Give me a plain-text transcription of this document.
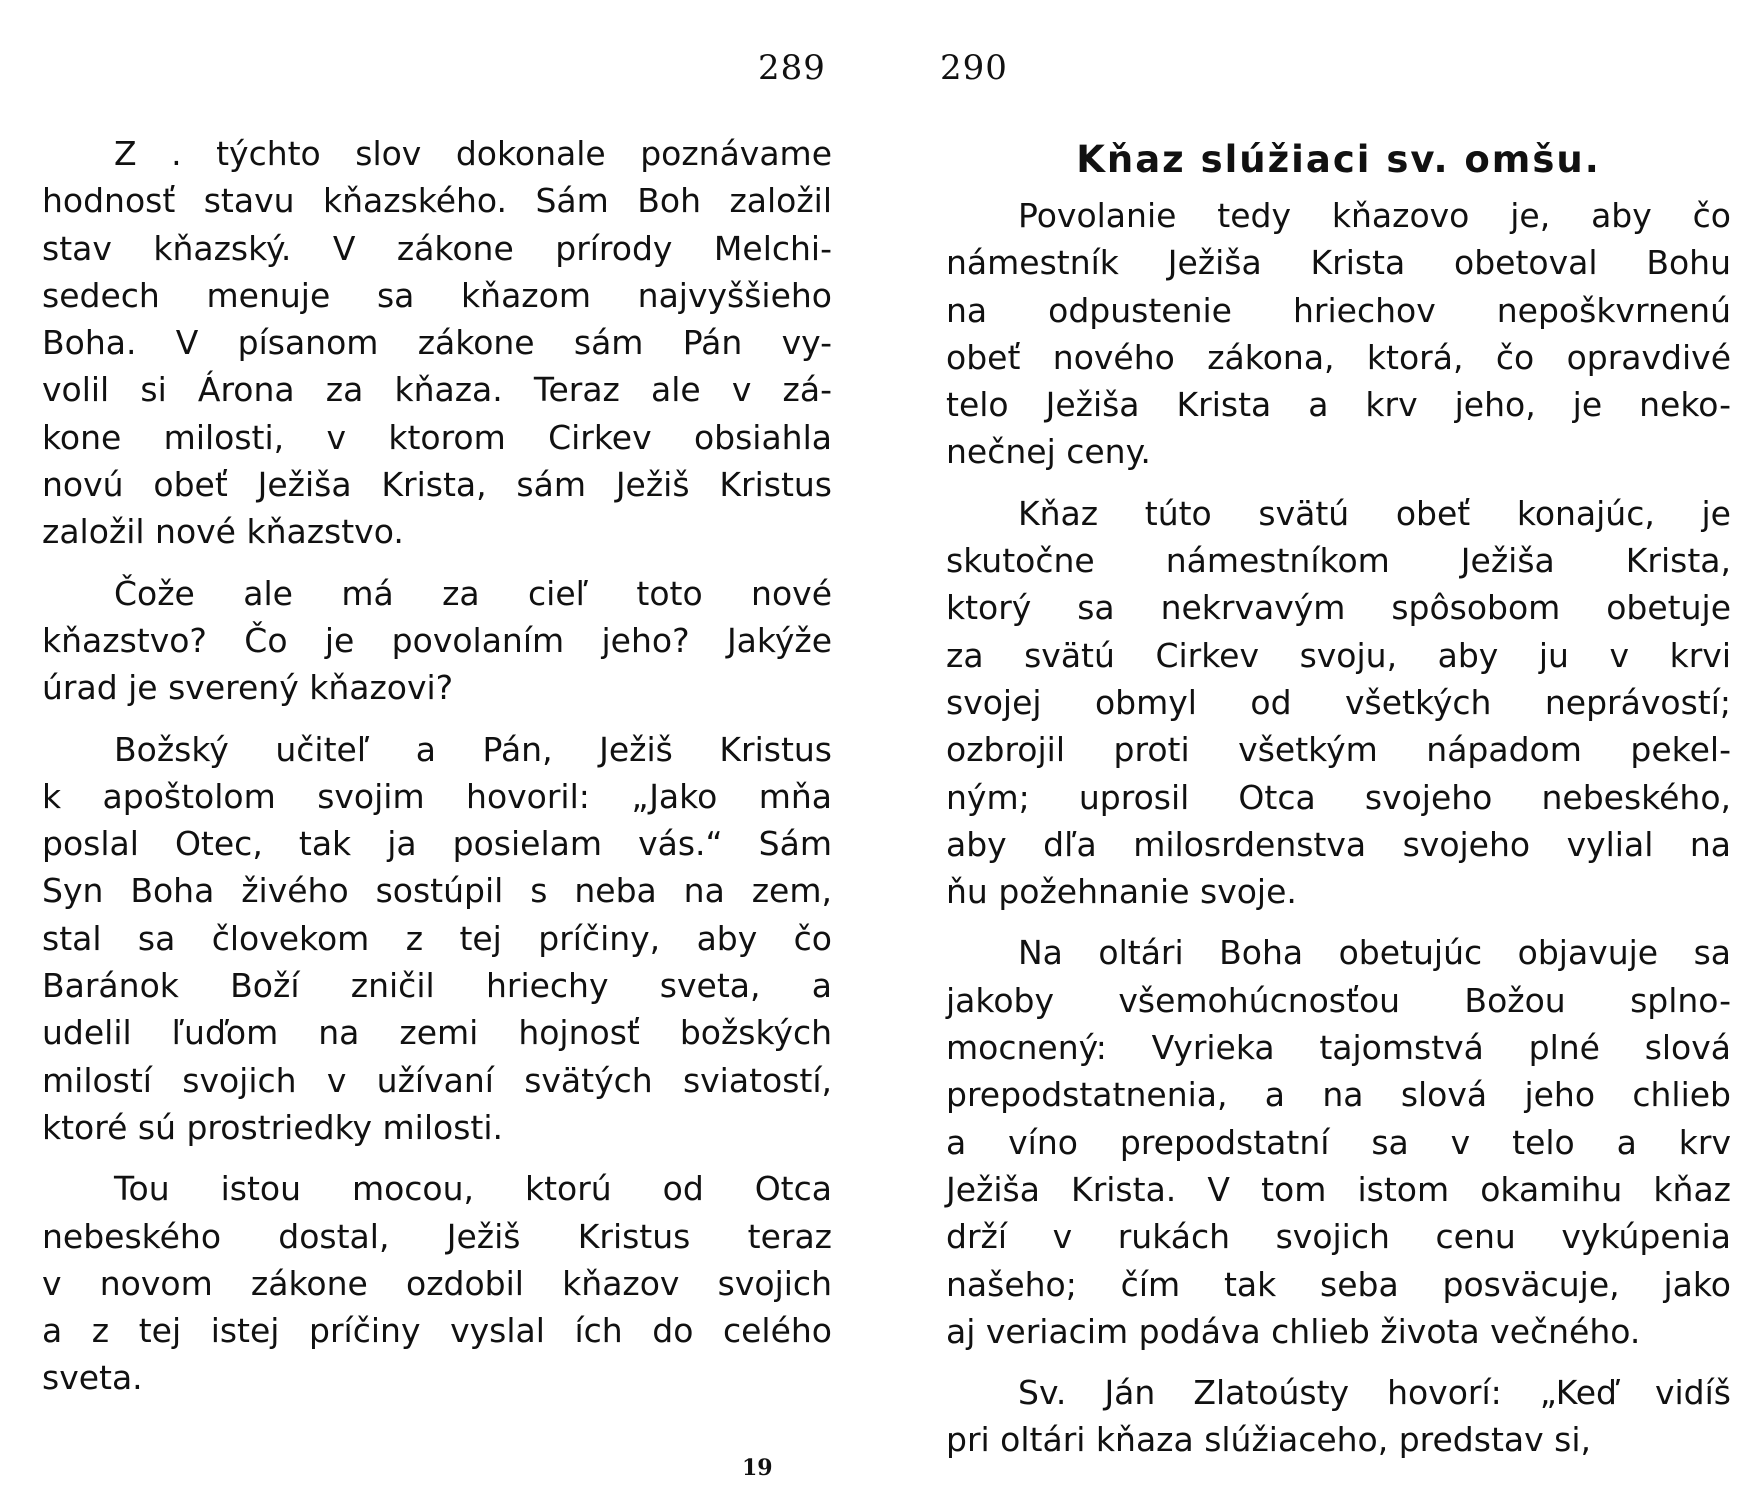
289
Z . týchto slov dokonale poznávame
hodnosť stavu kňazského. Sám Boh založil
stav kňazský. V zákone prírody Melchi-
sedech menuje sa kňazom najvyššieho
Boha. V písanom zákone sám Pán vy-
volil si Árona za kňaza. Teraz ale v zá-
kone milosti, v ktorom Cirkev obsiahla
novú obeť Ježiša Krista, sám Ježiš Kristus
založil nové kňazstvo.
Čože ale má za cieľ toto nové
kňazstvo? Čo je povolaním jeho? Jakýže
úrad je sverený kňazovi?
Božský učiteľ a Pán, Ježiš Kristus
k apoštolom svojim hovoril: „Jako mňa
poslal Otec, tak ja posielam vás.“ Sám
Syn Boha živého sostúpil s neba na zem,
stal sa človekom z tej príčiny, aby čo
Baránok Boží zničil hriechy sveta, a
udelil ľuďom na zemi hojnosť božských
milostí svojich v užívaní svätých sviatostí,
ktoré sú prostriedky milosti.
Tou istou mocou, ktorú od Otca
nebeského dostal, Ježiš Kristus teraz
v novom zákone ozdobil kňazov svojich
a z tej istej príčiny vyslal ích do celého
sveta.
19
290
Kňaz slúžiaci sv. omšu.
Povolanie tedy kňazovo je, aby čo
námestník Ježiša Krista obetoval Bohu
na odpustenie hriechov nepoškvrnenú
obeť nového zákona, ktorá, čo opravdivé
telo Ježiša Krista a krv jeho, je neko-
nečnej ceny.
Kňaz túto svätú obeť konajúc, je
skutočne námestníkom Ježiša Krista,
ktorý sa nekrvavým spôsobom obetuje
za svätú Cirkev svoju, aby ju v krvi
svojej obmyl od všetkých neprávostí;
ozbrojil proti všetkým nápadom pekel-
ným; uprosil Otca svojeho nebeského,
aby dľa milosrdenstva svojeho vylial na
ňu požehnanie svoje.
Na oltári Boha obetujúc objavuje sa
jakoby všemohúcnosťou Božou splno-
mocnený: Vyrieka tajomstvá plné slová
prepodstatnenia, a na slová jeho chlieb
a víno prepodstatní sa v telo a krv
Ježiša Krista. V tom istom okamihu kňaz
drží v rukách svojich cenu vykúpenia
našeho; čím tak seba posväcuje, jako
aj veriacim podáva chlieb života večného.
Sv. Ján Zlatoústy hovorí: „Keď vidíš
pri oltári kňaza slúžiaceho, predstav si,
